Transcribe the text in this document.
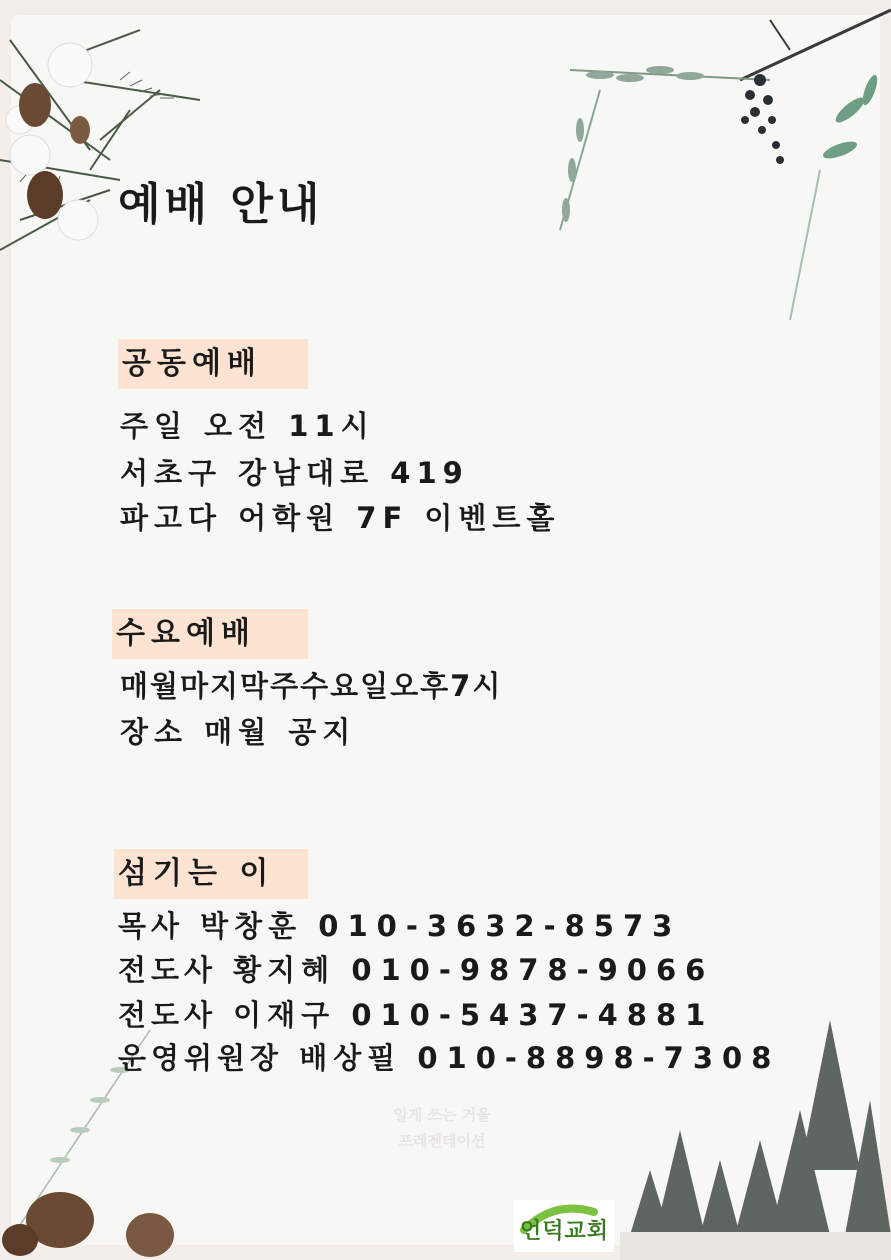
예배 안내
공동예배

주일 오전 11시

서초구 강남대로 419

파고다 어학원 7F 이벤트홀

수요예배

매월마지막주수요일오후7시

장소 매월 공지

섬기는 이

목사 박창훈 010-3632-8573

전도사 황지혜 010-9878-9066

전도사 이재구 010-5437-4881

운영위원장 배상필 010-8898-7308

일게 쓰는 거울
프레젠테이션
언덕교회
